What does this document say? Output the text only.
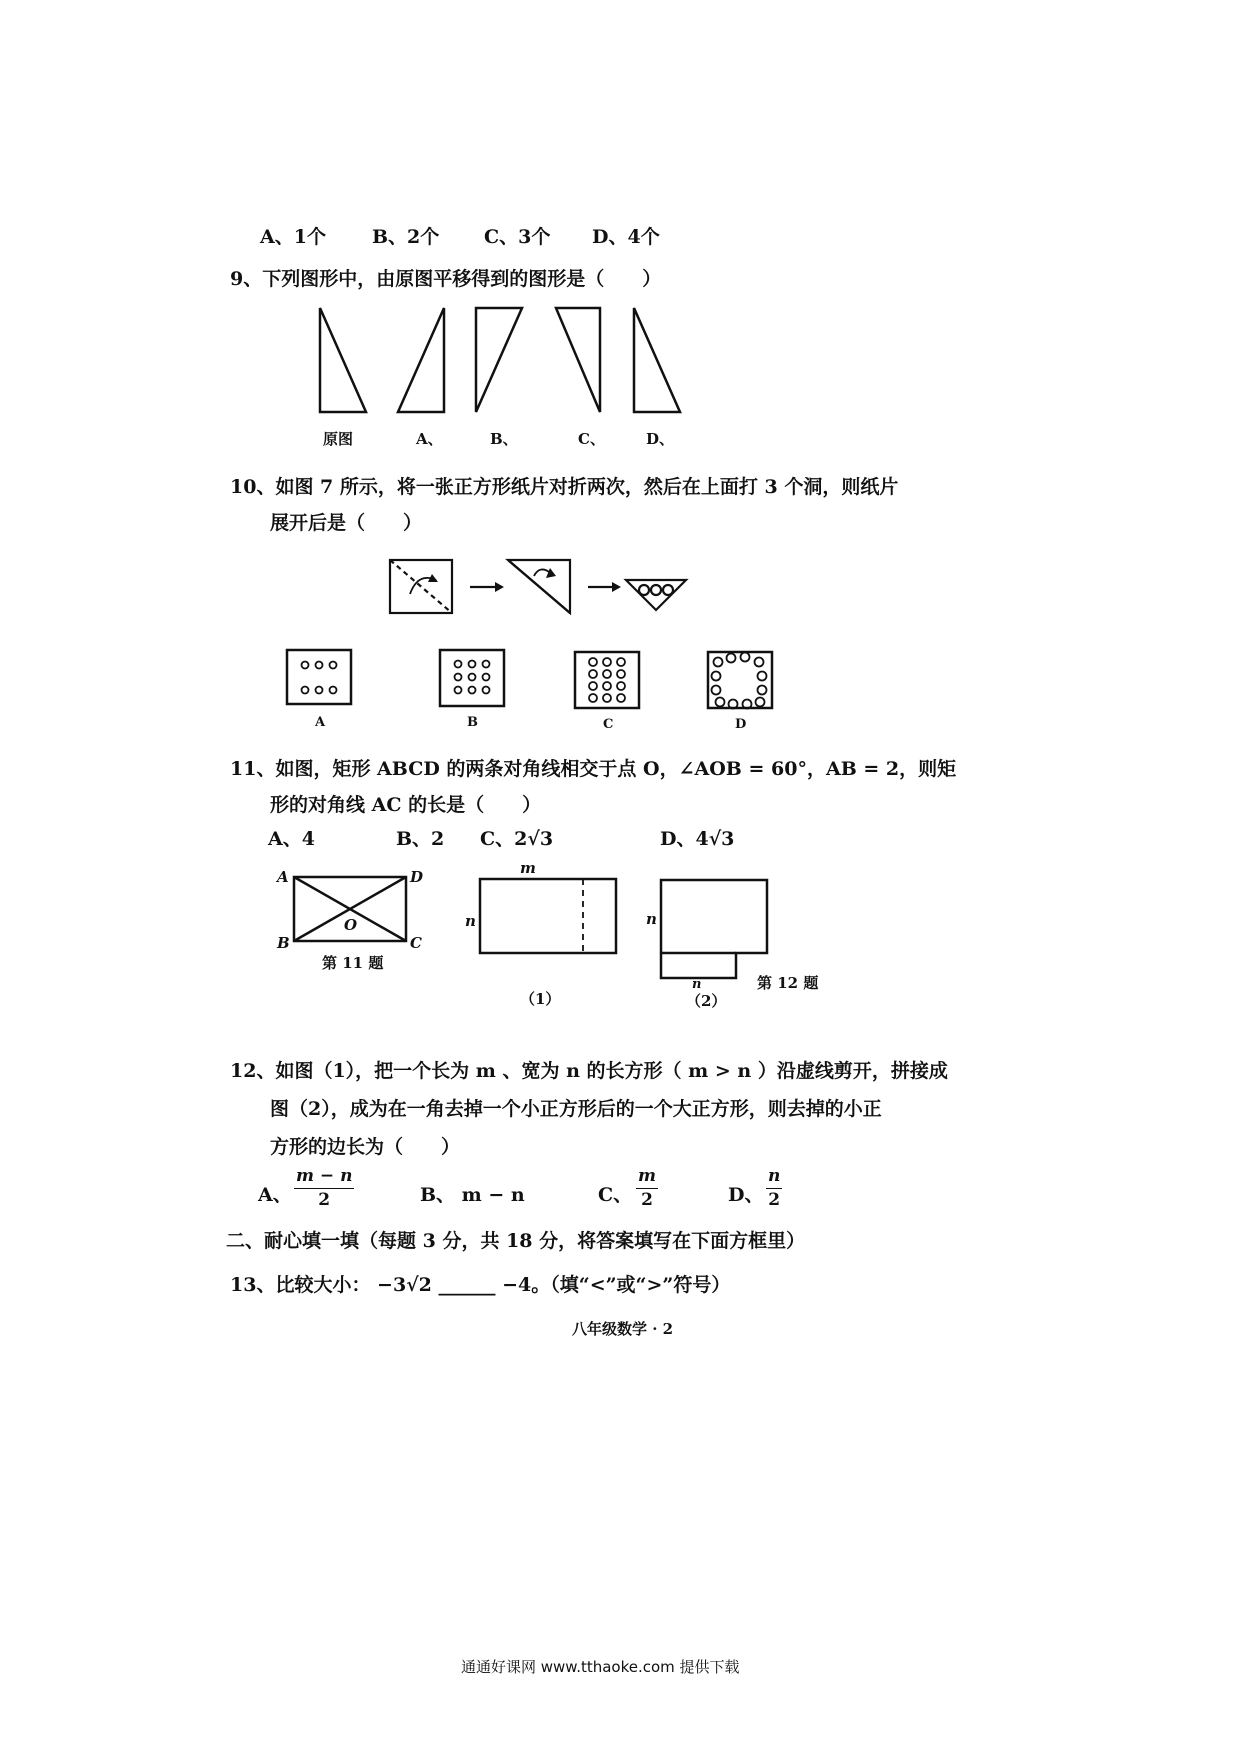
A、1个 B、2个 C、3个 D、4个
9、下列图形中，由原图平移得到的图形是（　　）
原图	A、	B、	C、	D、
10、如图 7 所示，将一张正方形纸片对折两次，然后在上面打 3 个洞，则纸片
展开后是（　　）
A	B	C	D
11、如图，矩形 ABCD 的两条对角线相交于点 O，∠AOB = 60°，AB = 2，则矩
形的对角线 AC 的长是（　　）
A、4	B、2 C、2√3	D、4√3
A	D
B	C
O
第 11 题
m
n	n
n
（1）	（2）
第 12 题
12、如图（1），把一个长为 m 、宽为 n 的长方形（ m > n ）沿虚线剪开，拼接成
图（2），成为在一角去掉一个小正方形后的一个大正方形，则去掉的小正
方形的边长为（　　）
A、 $\frac{m - n}{2}$	B、 m − n	C、 $\frac{m}{2}$	D、 $\frac{n}{2}$
二、耐心填一填（每题 3 分，共 18 分，将答案填写在下面方框里）
13、比较大小： −3√2 ______ −4。（填“<”或“>”符号）
八年级数学 · 2
通通好课网 www.tthaoke.com 提供下载
